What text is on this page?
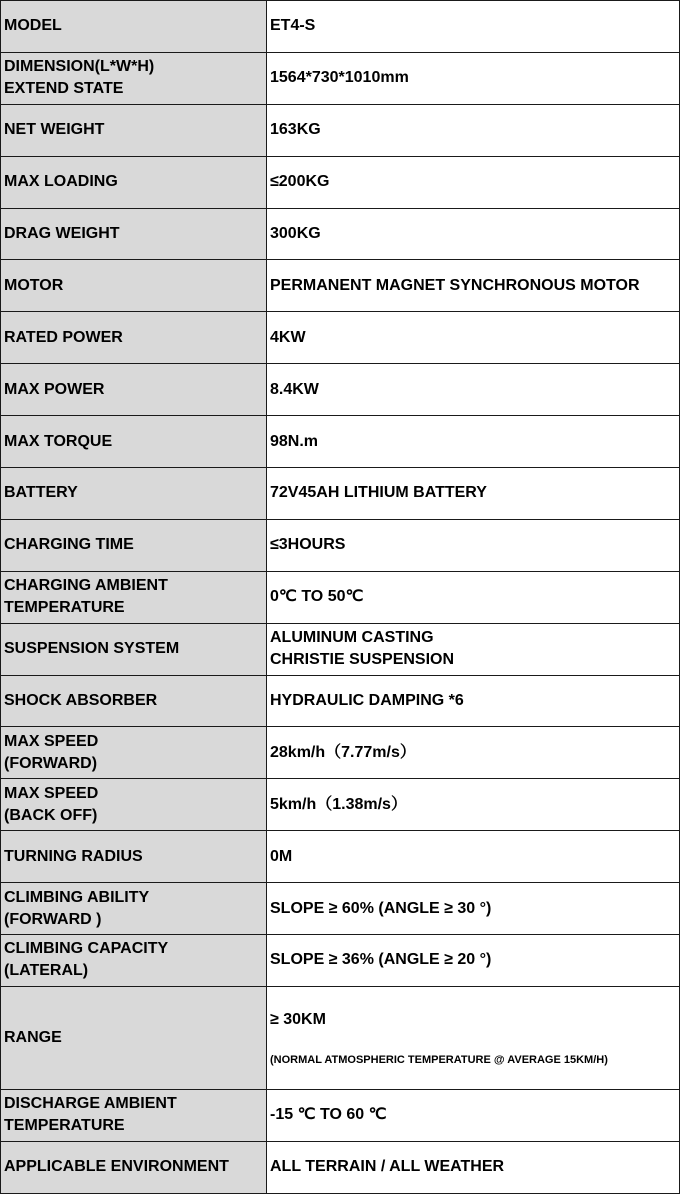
MODEL	ET4-S
DIMENSION(L*W*H)
EXTEND STATE	1564*730*1010mm
NET WEIGHT	163KG
MAX LOADING	≤200KG
DRAG WEIGHT	300KG
MOTOR	PERMANENT MAGNET SYNCHRONOUS MOTOR
RATED POWER	4KW
MAX POWER	8.4KW
MAX TORQUE	98N.m
BATTERY	72V45AH LITHIUM BATTERY
CHARGING TIME	≤3HOURS
CHARGING AMBIENT
TEMPERATURE	0℃ TO 50℃
SUSPENSION SYSTEM	ALUMINUM CASTING
CHRISTIE SUSPENSION
SHOCK ABSORBER	HYDRAULIC DAMPING *6
MAX SPEED
(FORWARD)	28km/h（7.77m/s）
MAX SPEED
(BACK OFF)	5km/h（1.38m/s）
TURNING RADIUS	0M
CLIMBING ABILITY
(FORWARD )	SLOPE ≥ 60% (ANGLE ≥ 30 °)
CLIMBING CAPACITY
(LATERAL)	SLOPE ≥ 36% (ANGLE ≥ 20 °)
RANGE	≥ 30KM

(NORMAL ATMOSPHERIC TEMPERATURE @ AVERAGE 15KM/H)

DISCHARGE AMBIENT
TEMPERATURE	-15 ℃ TO 60 ℃
APPLICABLE ENVIRONMENT	ALL TERRAIN / ALL WEATHER
